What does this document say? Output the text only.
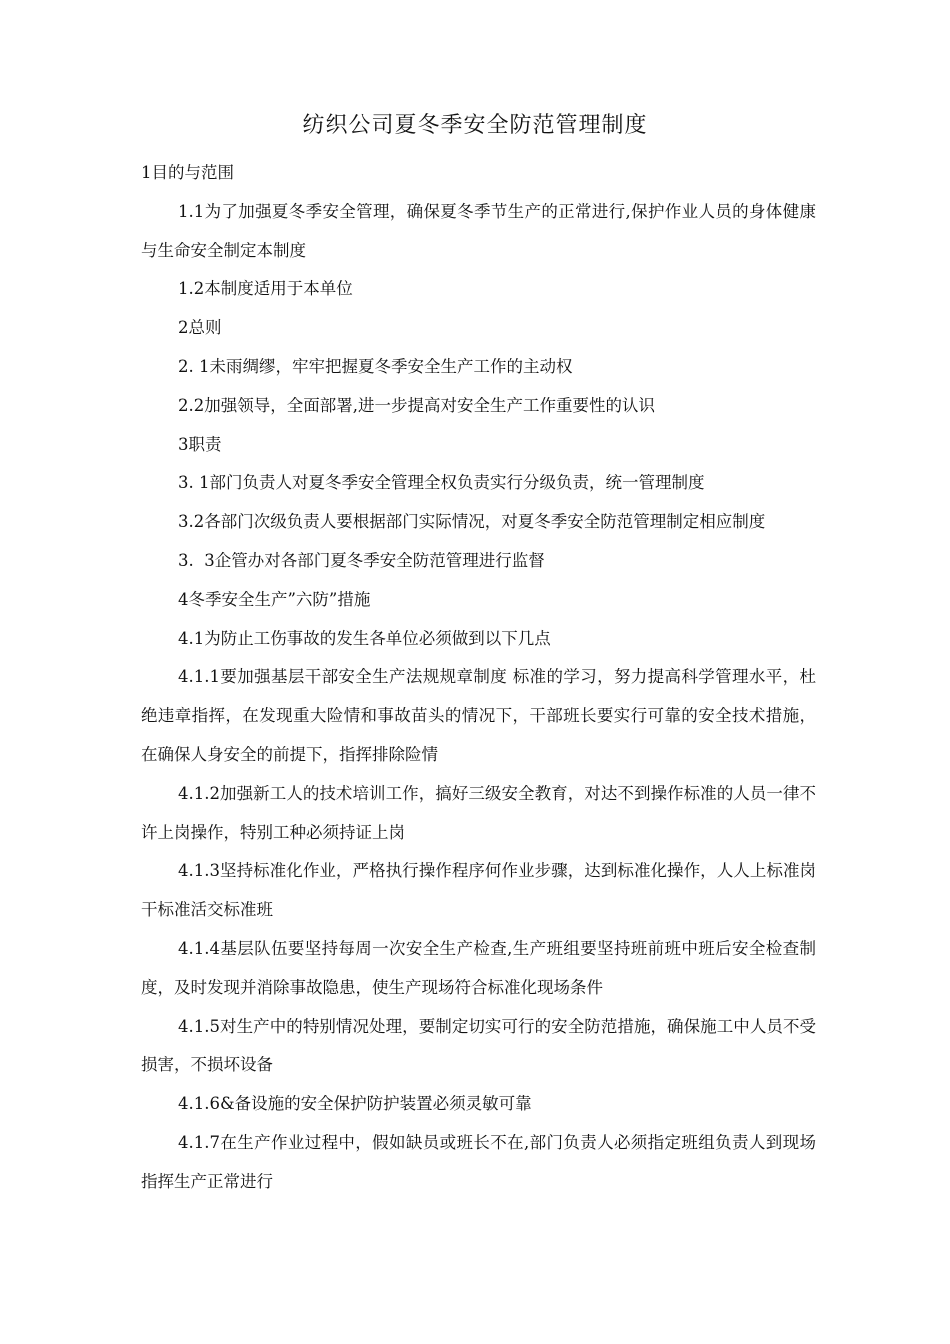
纺织公司夏冬季安全防范管理制度

1目的与范围

1.1为了加强夏冬季安全管理，确保夏冬季节生产的正常进行,保护作业人员的身体健康与生命安全制定本制度

1.2本制度适用于本单位

2总则

2. 1未雨绸缪，牢牢把握夏冬季安全生产工作的主动权

2.2加强领导，全面部署,进一步提高对安全生产工作重要性的认识

3职责

3. 1部门负责人对夏冬季安全管理全权负责实行分级负责，统一管理制度

3.2各部门次级负责人要根据部门实际情况，对夏冬季安全防范管理制定相应制度

3.  3企管办对各部门夏冬季安全防范管理进行监督

4冬季安全生产”六防”措施

4.1为防止工伤事故的发生各单位必须做到以下几点

4.1.1要加强基层干部安全生产法规规章制度 标准的学习，努力提高科学管理水平，杜绝违章指挥，在发现重大险情和事故苗头的情况下，干部班长要实行可靠的安全技术措施，在确保人身安全的前提下，指挥排除险情

4.1.2加强新工人的技术培训工作，搞好三级安全教育，对达不到操作标准的人员一律不许上岗操作，特别工种必须持证上岗

4.1.3坚持标准化作业，严格执行操作程序何作业步骤，达到标准化操作，人人上标准岗干标准活交标准班

4.1.4基层队伍要坚持每周一次安全生产检查,生产班组要坚持班前班中班后安全检查制度，及时发现并消除事故隐患，使生产现场符合标准化现场条件

4.1.5对生产中的特别情况处理，要制定切实可行的安全防范措施，确保施工中人员不受损害，不损坏设备

4.1.6&备设施的安全保护防护装置必须灵敏可靠

4.1.7在生产作业过程中，假如缺员或班长不在,部门负责人必须指定班组负责人到现场指挥生产正常进行
